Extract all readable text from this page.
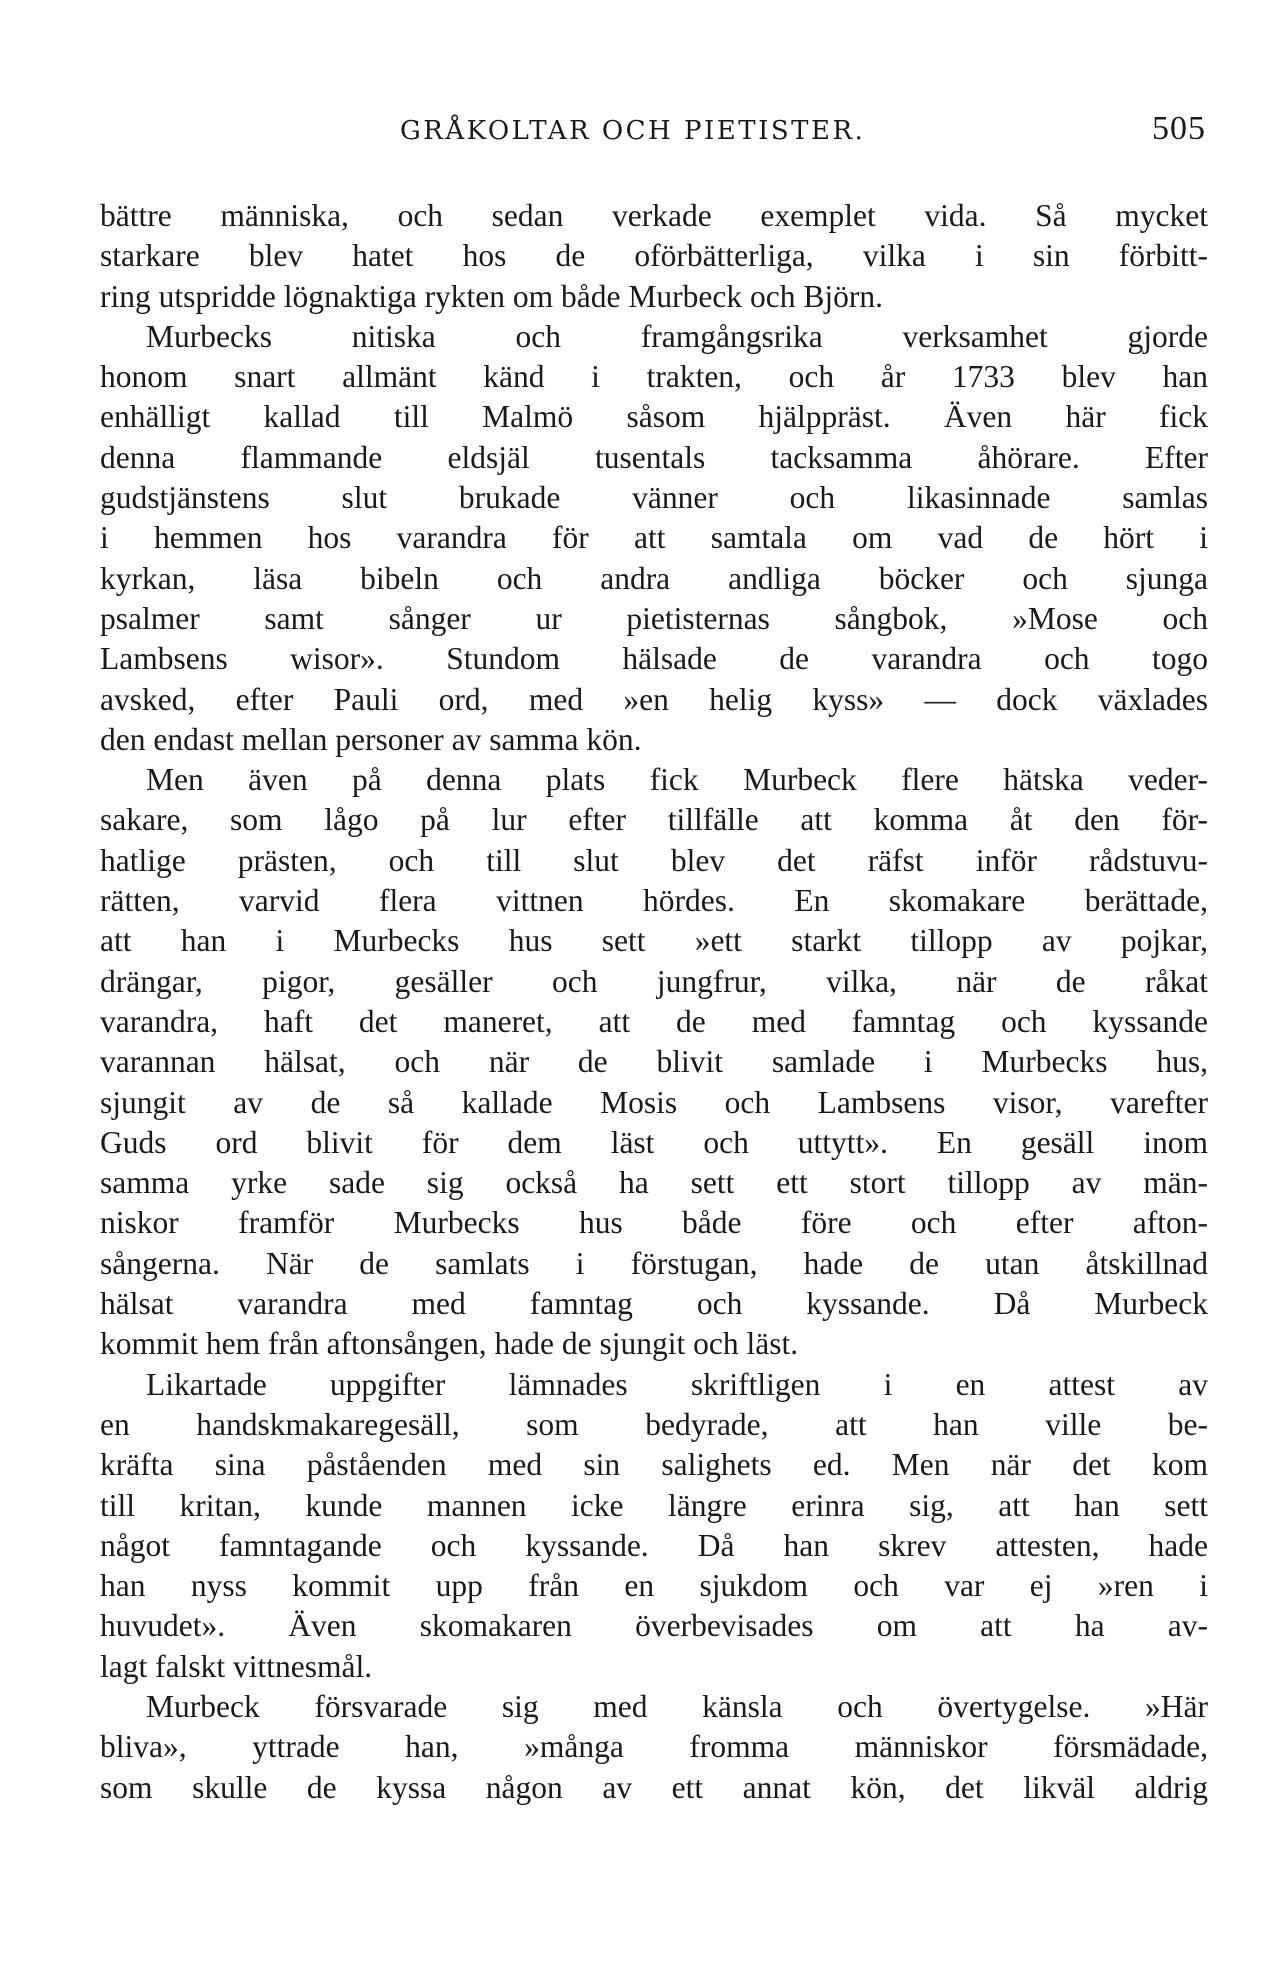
GRÅKOLTAR OCH PIETISTER.	505
bättre människa, och sedan verkade exemplet vida. Så mycket
starkare blev hatet hos de oförbätterliga, vilka i sin förbitt-
ring utspridde lögnaktiga rykten om både Murbeck och Björn.
Murbecks nitiska och framgångsrika verksamhet gjorde
honom snart allmänt känd i trakten, och år 1733 blev han
enhälligt kallad till Malmö såsom hjälppräst. Även här fick
denna flammande eldsjäl tusentals tacksamma åhörare. Efter
gudstjänstens slut brukade vänner och likasinnade samlas
i hemmen hos varandra för att samtala om vad de hört i
kyrkan, läsa bibeln och andra andliga böcker och sjunga
psalmer samt sånger ur pietisternas sångbok, »Mose och
Lambsens wisor». Stundom hälsade de varandra och togo
avsked, efter Pauli ord, med »en helig kyss» — dock växlades
den endast mellan personer av samma kön.
Men även på denna plats fick Murbeck flere hätska veder-
sakare, som lågo på lur efter tillfälle att komma åt den för-
hatlige prästen, och till slut blev det räfst inför rådstuvu-
rätten, varvid flera vittnen hördes. En skomakare berättade,
att han i Murbecks hus sett »ett starkt tillopp av pojkar,
drängar, pigor, gesäller och jungfrur, vilka, när de råkat
varandra, haft det maneret, att de med famntag och kyssande
varannan hälsat, och när de blivit samlade i Murbecks hus,
sjungit av de så kallade Mosis och Lambsens visor, varefter
Guds ord blivit för dem läst och uttytt». En gesäll inom
samma yrke sade sig också ha sett ett stort tillopp av män-
niskor framför Murbecks hus både före och efter afton-
sångerna. När de samlats i förstugan, hade de utan åtskillnad
hälsat varandra med famntag och kyssande. Då Murbeck
kommit hem från aftonsången, hade de sjungit och läst.
Likartade uppgifter lämnades skriftligen i en attest av
en handskmakaregesäll, som bedyrade, att han ville be-
kräfta sina påståenden med sin salighets ed. Men när det kom
till kritan, kunde mannen icke längre erinra sig, att han sett
något famntagande och kyssande. Då han skrev attesten, hade
han nyss kommit upp från en sjukdom och var ej »ren i
huvudet». Även skomakaren överbevisades om att ha av-
lagt falskt vittnesmål.
Murbeck försvarade sig med känsla och övertygelse. »Här
bliva», yttrade han, »många fromma människor försmädade,
som skulle de kyssa någon av ett annat kön, det likväl aldrig
